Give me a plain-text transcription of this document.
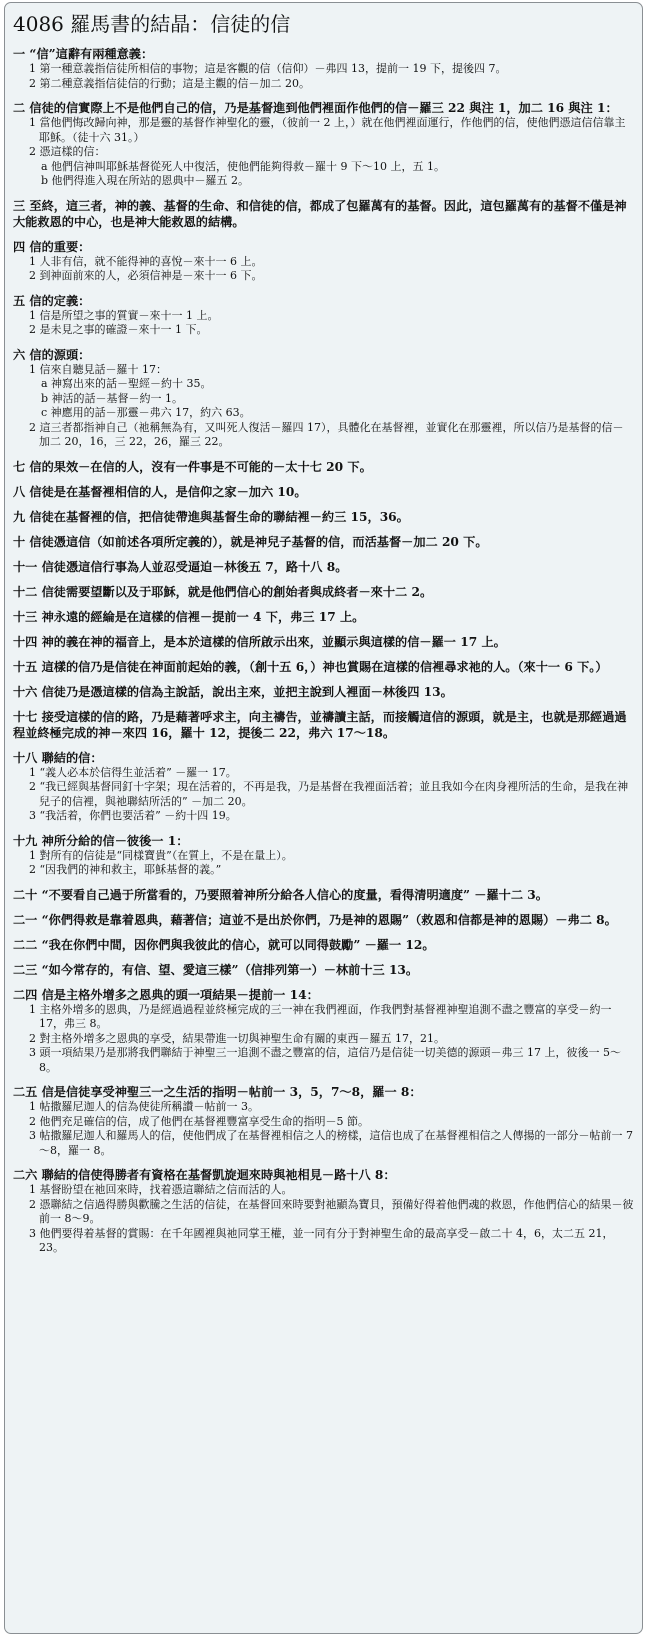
4086 羅馬書的結晶：信徒的信
一 “信”這辭有兩種意義：
1 第一種意義指信徒所相信的事物；這是客觀的信（信仰）－弗四 13，提前一 19 下，提後四 7。
2 第二種意義指信徒信的行動；這是主觀的信－加二 20。
二 信徒的信實際上不是他們自己的信，乃是基督進到他們裡面作他們的信－羅三 22 與注 1，加二 16 與注 1：
1 當他們悔改歸向神，那是靈的基督作神聖化的靈，（彼前一 2 上，）就在他們裡面運行，作他們的信，使他們憑這信信靠主耶穌。（徒十六 31。）
2 憑這樣的信：
a 他們信神叫耶穌基督從死人中復活，使他們能夠得救－羅十 9 下～10 上，五 1。
b 他們得進入現在所站的恩典中－羅五 2。
三 至終，這三者，神的義、基督的生命、和信徒的信，都成了包羅萬有的基督。因此，這包羅萬有的基督不僅是神大能救恩的中心，也是神大能救恩的結構。
四 信的重要：
1 人非有信，就不能得神的喜悅－來十一 6 上。
2 到神面前來的人，必須信神是－來十一 6 下。
五 信的定義：
1 信是所望之事的質實－來十一 1 上。
2 是未見之事的確證－來十一 1 下。
六 信的源頭：
1 信來自聽見話－羅十 17：
a 神寫出來的話－聖經－約十 35。
b 神活的話－基督－約一 1。
c 神應用的話－那靈－弗六 17，約六 63。
2 這三者都指神自己（祂稱無為有，又叫死人復活－羅四 17），具體化在基督裡，並實化在那靈裡，所以信乃是基督的信－加二 20，16，三 22，26，羅三 22。
七 信的果效－在信的人，沒有一件事是不可能的－太十七 20 下。
八 信徒是在基督裡相信的人，是信仰之家－加六 10。
九 信徒在基督裡的信，把信徒帶進與基督生命的聯結裡－約三 15，36。
十 信徒憑這信（如前述各項所定義的），就是神兒子基督的信，而活基督－加二 20 下。
十一 信徒憑這信行事為人並忍受逼迫－林後五 7，路十八 8。
十二 信徒需要望斷以及于耶穌，就是他們信心的創始者與成終者－來十二 2。
十三 神永遠的經綸是在這樣的信裡－提前一 4 下，弗三 17 上。
十四 神的義在神的福音上，是本於這樣的信所啟示出來，並顯示與這樣的信－羅一 17 上。
十五 這樣的信乃是信徒在神面前起始的義，（創十五 6，）神也賞賜在這樣的信裡尋求祂的人。（來十一 6 下。）
十六 信徒乃是憑這樣的信為主說話，說出主來，並把主說到人裡面－林後四 13。
十七 接受這樣的信的路，乃是藉著呼求主，向主禱告，並禱讀主話，而接觸這信的源頭，就是主，也就是那經過過程並終極完成的神－來四 16，羅十 12，提後二 22，弗六 17～18。
十八 聯結的信：
1 “義人必本於信得生並活着” －羅一 17。
2 “我已經與基督同釘十字架；現在活着的，不再是我，乃是基督在我裡面活着；並且我如今在肉身裡所活的生命，是我在神兒子的信裡，與祂聯結所活的” －加二 20。
3 “我活着，你們也要活着” －約十四 19。
十九 神所分給的信－彼後一 1：
1 對所有的信徒是“同樣寶貴”（在質上，不是在量上）。
2 “因我們的神和救主，耶穌基督的義。”
二十 “不要看自己過于所當看的，乃要照着神所分給各人信心的度量，看得清明適度” －羅十二 3。
二一 “你們得救是靠着恩典，藉著信；這並不是出於你們，乃是神的恩賜”（救恩和信都是神的恩賜）－弗二 8。
二二 “我在你們中間，因你們與我彼此的信心，就可以同得鼓勵” －羅一 12。
二三 “如今常存的，有信、望、愛這三樣”（信排列第一）－林前十三 13。
二四 信是主格外增多之恩典的頭一項結果－提前一 14：
1 主格外增多的恩典，乃是經過過程並終極完成的三一神在我們裡面，作我們對基督裡神聖追測不盡之豐富的享受－約一 17，弗三 8。
2 對主格外增多之恩典的享受，結果帶進一切與神聖生命有關的東西－羅五 17，21。
3 頭一項結果乃是那將我們聯結于神聖三一追測不盡之豐富的信，這信乃是信徒一切美德的源頭－弗三 17 上，彼後一 5～8。
二五 信是信徒享受神聖三一之生活的指明－帖前一 3，5，7～8，羅一 8：
1 帖撒羅尼迦人的信為使徒所稱讚－帖前一 3。
2 他們充足確信的信，成了他們在基督裡豐富享受生命的指明－5 節。
3 帖撒羅尼迦人和羅馬人的信，使他們成了在基督裡相信之人的榜樣，這信也成了在基督裡相信之人傳揚的一部分－帖前一 7～8，羅一 8。
二六 聯結的信使得勝者有資格在基督凱旋迴來時與祂相見－路十八 8：
1 基督盼望在祂回來時，找着憑這聯結之信而活的人。
2 憑聯結之信過得勝與歡騰之生活的信徒，在基督回來時要對祂顯為寶貝，預備好得着他們魂的救恩，作他們信心的結果－彼前一 8～9。
3 他們要得着基督的賞賜：在千年國裡與祂同掌王權，並一同有分于對神聖生命的最高享受－啟二十 4，6，太二五 21，23。
